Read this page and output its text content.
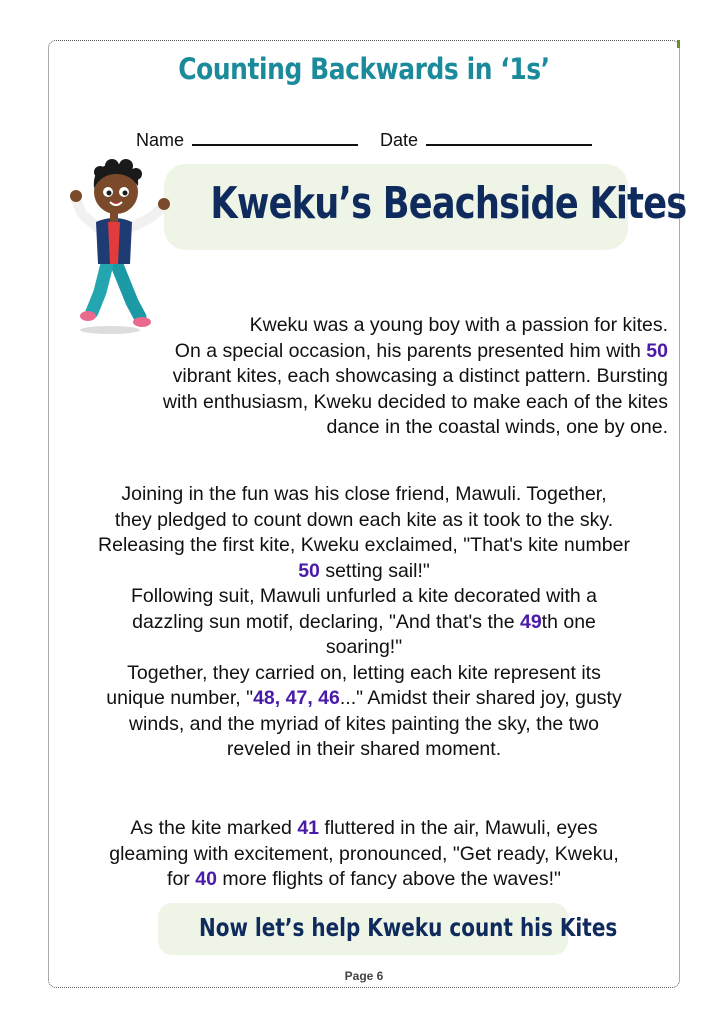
Counting Backwards in ‘1s’
Name	Date
Kweku’s Beachside Kites
Kweku was a young boy with a passion for kites.
On a special occasion, his parents presented him with 50
vibrant kites, each showcasing a distinct pattern. Bursting
with enthusiasm, Kweku decided to make each of the kites
dance in the coastal winds, one by one.
Joining in the fun was his close friend, Mawuli. Together,
they pledged to count down each kite as it took to the sky.
Releasing the first kite, Kweku exclaimed, "That's kite number
50 setting sail!"
Following suit, Mawuli unfurled a kite decorated with a
dazzling sun motif, declaring, "And that's the 49th one
soaring!"
Together, they carried on, letting each kite represent its
unique number, "48, 47, 46..." Amidst their shared joy, gusty
winds, and the myriad of kites painting the sky, the two
reveled in their shared moment.
As the kite marked 41 fluttered in the air, Mawuli, eyes
gleaming with excitement, pronounced, "Get ready, Kweku,
for 40 more flights of fancy above the waves!"
Now let’s help Kweku count his Kites
Page 6
